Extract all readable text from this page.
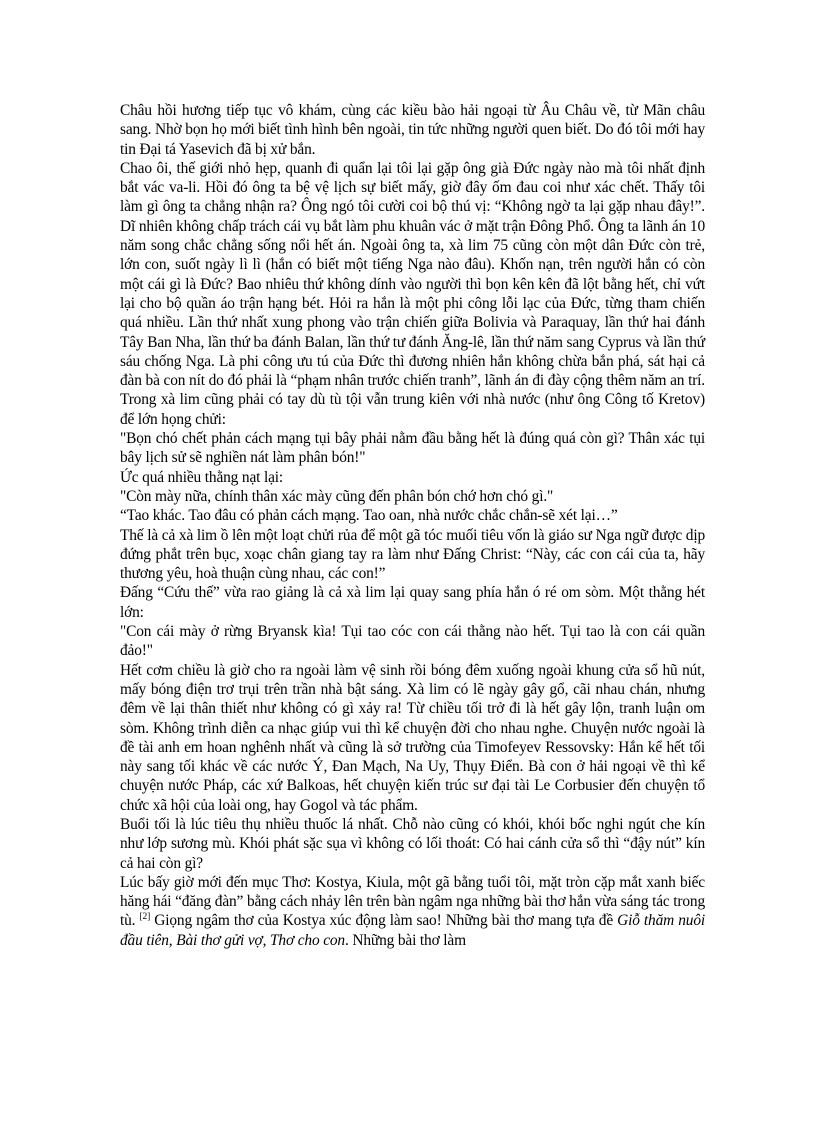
Châu hồi hương tiếp tục vô khám, cùng các kiều bào hải ngoại từ Âu Châu về, từ Mãn châu sang. Nhờ bọn họ mới biết tình hình bên ngoài, tin tức những người quen biết. Do đó tôi mới hay tin Đại tá Yasevich đã bị xử bắn.

Chao ôi, thế giới nhỏ hẹp, quanh đi quẩn lại tôi lại gặp ông già Đức ngày nào mà tôi nhất định bắt vác va-li. Hồi đó ông ta bệ vệ lịch sự biết mấy, giờ đây ốm đau coi như xác chết. Thấy tôi làm gì ông ta chẳng nhận ra? Ông ngó tôi cười coi bộ thú vị: “Không ngờ ta lại gặp nhau đây!”. Dĩ nhiên không chấp trách cái vụ bắt làm phu khuân vác ở mặt trận Đông Phổ. Ông ta lãnh án 10 năm song chắc chẳng sống nổi hết án. Ngoài ông ta, xà lim 75 cũng còn một dân Đức còn trẻ, lớn con, suốt ngày lì lì (hắn có biết một tiếng Nga nào đâu). Khốn nạn, trên người hắn có còn một cái gì là Đức? Bao nhiêu thứ không dính vào người thì bọn kên kên đã lột bằng hết, chỉ vứt lại cho bộ quần áo trận hạng bét. Hỏi ra hắn là một phi công lỗi lạc của Đức, từng tham chiến quá nhiều. Lần thứ nhất xung phong vào trận chiến giữa Bolivia và Paraquay, lần thứ hai đánh Tây Ban Nha, lần thứ ba đánh Balan, lần thứ tư đánh Ăng-lê, lần thứ năm sang Cyprus và lần thứ sáu chống Nga. Là phi công ưu tú của Đức thì đương nhiên hắn không chừa bắn phá, sát hại cả đàn bà con nít do đó phải là “phạm nhân trước chiến tranh”, lãnh án đi đày cộng thêm năm an trí. Trong xà lim cũng phải có tay dù tù tội vẫn trung kiên với nhà nước (như ông Công tố Kretov) để lớn họng chửi:

"Bọn chó chết phản cách mạng tụi bây phải nằm đầu bằng hết là đúng quá còn gì? Thân xác tụi bây lịch sử sẽ nghiền nát làm phân bón!"

Ức quá nhiều thằng nạt lại:

"Còn mày nữa, chính thân xác mày cũng đến phân bón chớ hơn chó gì."

“Tao khác. Tao đâu có phản cách mạng. Tao oan, nhà nước chắc chắn-sẽ xét lại…”

Thế là cả xà lim ồ lên một loạt chửi rủa để một gã tóc muối tiêu vốn là giáo sư Nga ngữ được dịp đứng phắt trên bục, xoạc chân giang tay ra làm như Đấng Christ: “Này, các con cái của ta, hãy thương yêu, hoà thuận cùng nhau, các con!”

Đấng “Cứu thế” vừa rao giảng là cả xà lim lại quay sang phía hắn ó ré om sòm. Một thằng hét lớn:

"Con cái mày ở rừng Bryansk kìa! Tụi tao cóc con cái thằng nào hết. Tụi tao là con cái quần đảo!"

Hết cơm chiều là giờ cho ra ngoài làm vệ sinh rồi bóng đêm xuống ngoài khung cửa sổ hũ nút, mấy bóng điện trơ trụi trên trần nhà bật sáng. Xà lim có lẽ ngày gây gổ, cãi nhau chán, nhưng đêm về lại thân thiết như không có gì xảy ra! Từ chiều tối trở đi là hết gây lộn, tranh luận om sòm. Không trình diễn ca nhạc giúp vui thì kể chuyện đời cho nhau nghe. Chuyện nước ngoài là đề tài anh em hoan nghênh nhất và cũng là sở trường của Timofeyev Ressovsky: Hắn kể hết tối này sang tối khác về các nước Ý, Đan Mạch, Na Uy, Thụy Điển. Bà con ở hải ngoại về thì kể chuyện nước Pháp, các xứ Balkoas, hết chuyện kiến trúc sư đại tài Le Corbusier đến chuyện tổ chức xã hội của loài ong, hay Gogol và tác phẩm.

Buổi tối là lúc tiêu thụ nhiều thuốc lá nhất. Chỗ nào cũng có khói, khói bốc nghi ngút che kín như lớp sương mù. Khói phát sặc sụa vì không có lối thoát: Có hai cánh cửa sổ thì “đậy nút” kín cả hai còn gì?

Lúc bấy giờ mới đến mục Thơ: Kostya, Kiula, một gã bằng tuổi tôi, mặt tròn cặp mắt xanh biếc hăng hái “đăng đàn” bằng cách nhảy lên trên bàn ngâm nga những bài thơ hắn vừa sáng tác trong tù. [2] Giọng ngâm thơ của Kostya xúc động làm sao! Những bài thơ mang tựa đề Giỗ thăm nuôi đầu tiên, Bài thơ gửi vợ, Thơ cho con. Những bài thơ làm
